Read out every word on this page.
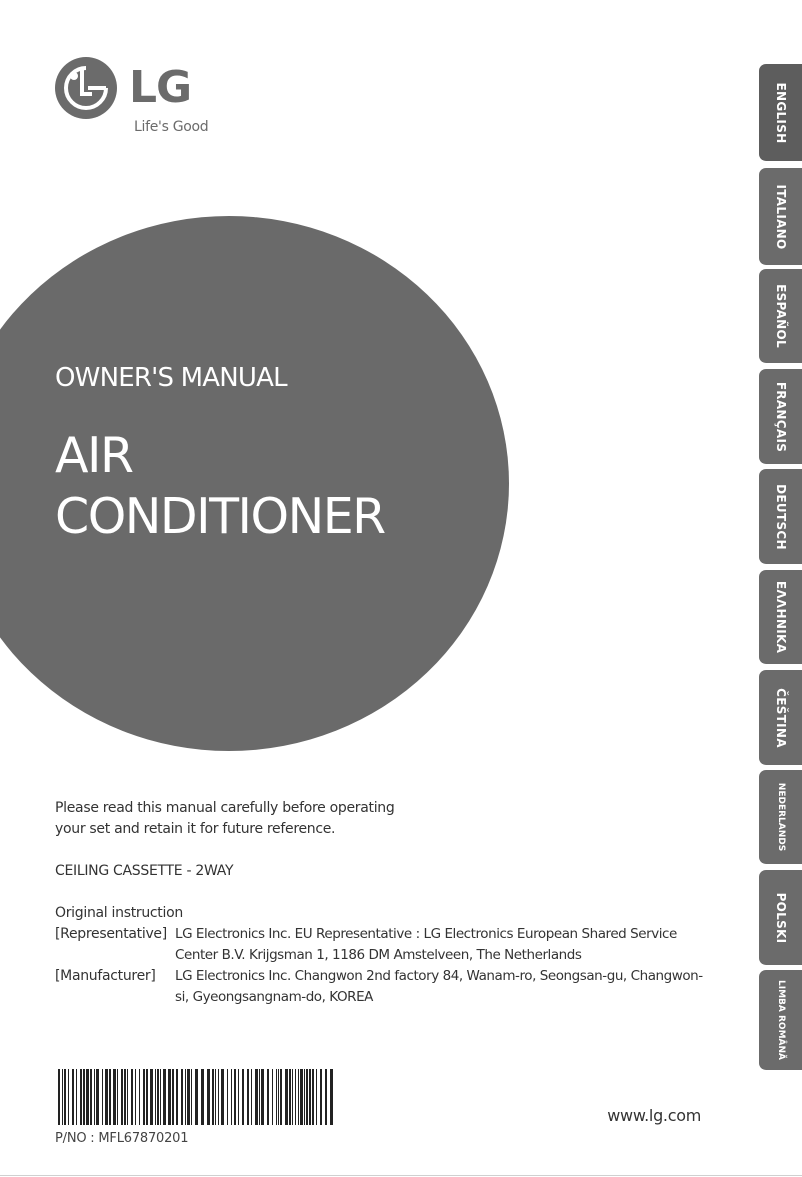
LG
Life's Good
OWNER'S MANUAL
AIR
CONDITIONER
Please read this manual carefully before operating
your set and retain it for future reference.
CEILING CASSETTE - 2WAY
Original instruction
[Representative] LG Electronics Inc. EU Representative : LG Electronics European Shared Service Center B.V. Krijgsman 1, 1186 DM Amstelveen, The Netherlands
[Manufacturer]	LG Electronics Inc. Changwon 2nd factory 84, Wanam-ro, Seongsan-gu, Changwon-si, Gyeongsangnam-do, KOREA
P/NO : MFL67870201
www.lg.com
ENGLISH
ITALIANO
ESPAÑOL
FRANÇAIS
DEUTSCH
ΕΛΛΗΝΙΚΑ
ČEŠTINA
NEDERLANDS
POLSKI
LIMBA ROMÂNĂ
